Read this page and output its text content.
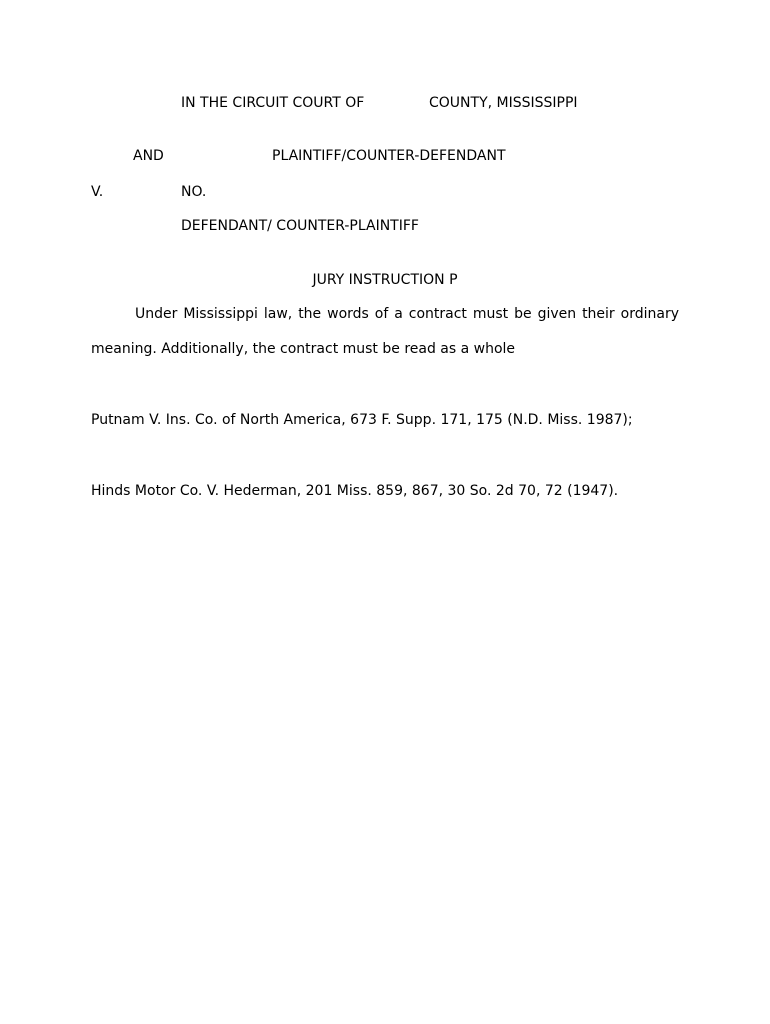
IN THE CIRCUIT COURT OF	COUNTY, MISSISSIPPI
AND	PLAINTIFF/COUNTER-DEFENDANT
V.	NO.
DEFENDANT/ COUNTER-PLAINTIFF
JURY INSTRUCTION P

Under Mississippi law, the words of a contract must be given their ordinary meaning. Additionally, the contract must be read as a whole

Putnam V. Ins. Co. of North America, 673 F. Supp. 171, 175 (N.D. Miss. 1987);

Hinds Motor Co. V. Hederman, 201 Miss. 859, 867, 30 So. 2d 70, 72 (1947).
